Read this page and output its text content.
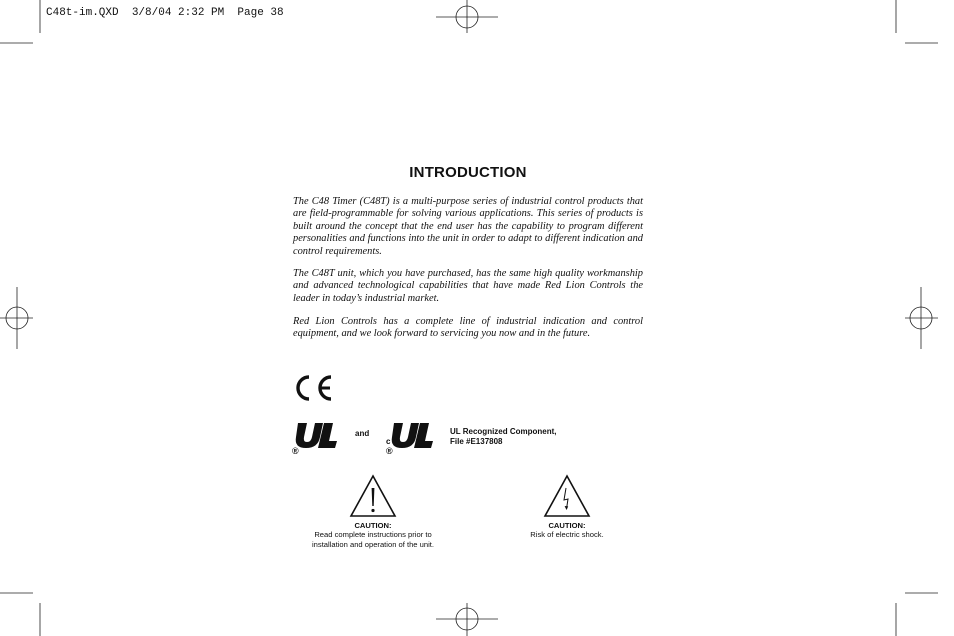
C48t-im.QXD  3/8/04 2:32 PM  Page 38
INTRODUCTION

The C48 Timer (C48T) is a multi-purpose series of industrial control products that are field-programmable for solving various applications. This series of products is built around the concept that the end user has the capability to program different personalities and functions into the unit in order to adapt to different indication and control requirements.

The C48T unit, which you have purchased, has the same high quality workmanship and advanced technological capabilities that have made Red Lion Controls the leader in today’s industrial market.

Red Lion Controls has a complete line of industrial indication and control equipment, and we look forward to servicing you now and in the future.

®
and
c
®
UL Recognized Component,
File #E137808
CAUTION:
Read complete instructions prior to
installation and operation of the unit.
CAUTION:
Risk of electric shock.
